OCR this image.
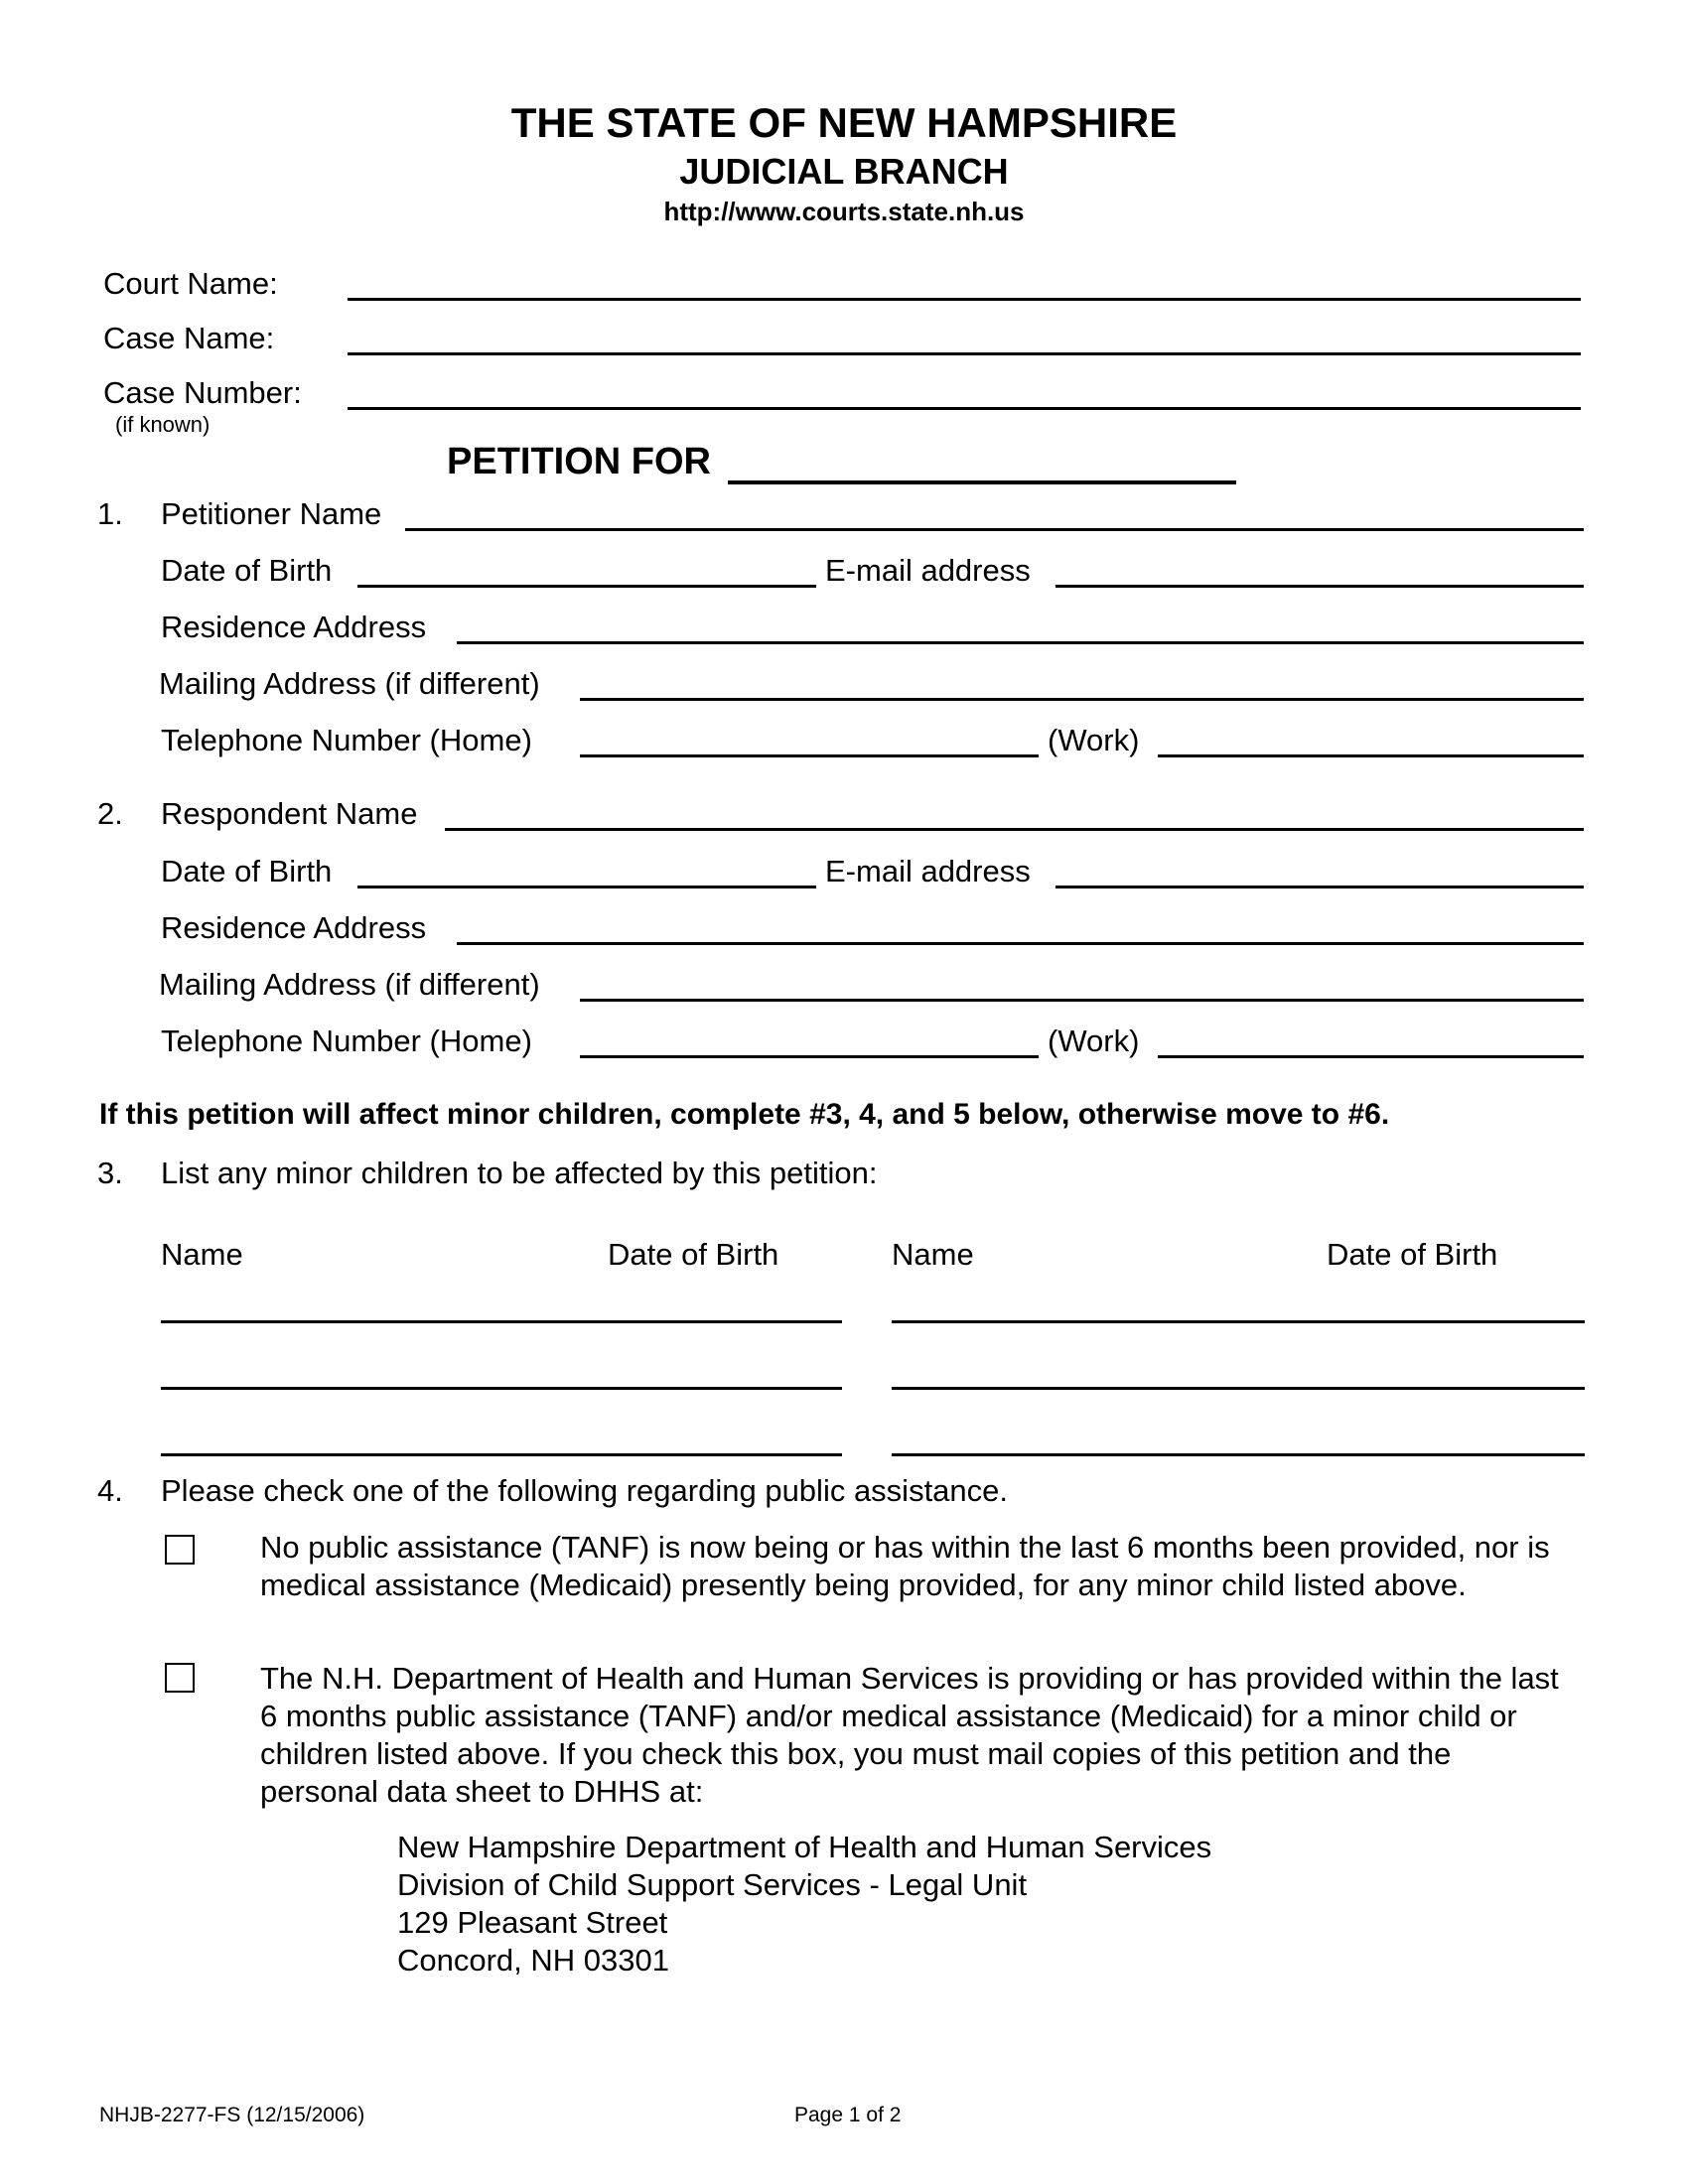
THE STATE OF NEW HAMPSHIRE
JUDICIAL BRANCH
http://www.courts.state.nh.us
Court Name:
Case Name:
Case Number:
(if known)
PETITION FOR
1. Petitioner Name
Date of Birth	E-mail address
Residence Address
Mailing Address (if different)
Telephone Number (Home)	(Work)
2. Respondent Name
Date of Birth	E-mail address
Residence Address
Mailing Address (if different)
Telephone Number (Home)	(Work)
If this petition will affect minor children, complete #3, 4, and 5 below, otherwise move to #6.
3. List any minor children to be affected by this petition:
Name	Date of Birth	Name	Date of Birth
4. Please check one of the following regarding public assistance.
No public assistance (TANF) is now being or has within the last 6 months been provided, nor is medical assistance (Medicaid) presently being provided, for any minor child listed above.
The N.H. Department of Health and Human Services is providing or has provided within the last 6 months public assistance (TANF) and/or medical assistance (Medicaid) for a minor child or children listed above. If you check this box, you must mail copies of this petition and the personal data sheet to DHHS at:
New Hampshire Department of Health and Human Services
Division of Child Support Services - Legal Unit
129 Pleasant Street
Concord, NH 03301
NHJB-2277-FS (12/15/2006)	Page 1 of 2
